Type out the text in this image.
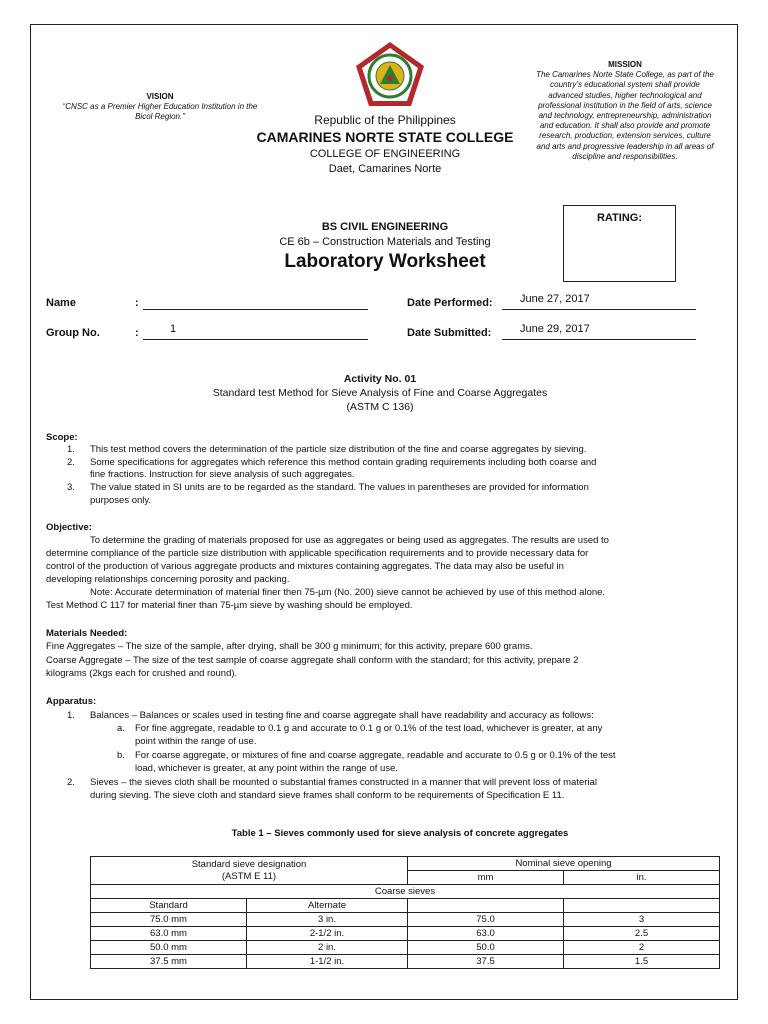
VISION
“CNSC as a Premier Higher Education Institution in the Bicol Region.”
MISSION
The Camarines Norte State College, as part of the country’s educational system shall provide advanced studies, higher technological and professional institution in the field of arts, science and technology, entrepreneurship, administration and education. It shall also provide and promote research, production, extension services, culture and arts and progressive leadership in all areas of discipline and responsibilities.
Republic of the Philippines
CAMARINES NORTE STATE COLLEGE
COLLEGE OF ENGINEERING
Daet, Camarines Norte
RATING:
BS CIVIL ENGINEERING
CE 6b – Construction Materials and Testing
Laboratory Worksheet
Name	:
Group No.	:	1
Date Performed: June 27, 2017
Date Submitted:	June 29, 2017
Activity No. 01
Standard test Method for Sieve Analysis of Fine and Coarse Aggregates
(ASTM C 136)
Scope:
1. This test method covers the determination of the particle size distribution of the fine and coarse aggregates by sieving.
2. Some specifications for aggregates which reference this method contain grading requirements including both coarse and
fine fractions. Instruction for sieve analysis of such aggregates.
3. The value stated in SI units are to be regarded as the standard. The values in parentheses are provided for information
purposes only.
Objective:
To determine the grading of materials proposed for use as aggregates or being used as aggregates. The results are used to
determine compliance of the particle size distribution with applicable specification requirements and to provide necessary data for
control of the production of various aggregate products and mixtures containing aggregates. The data may also be useful in
developing relationships concerning porosity and packing.
Note: Accurate determination of material finer then 75-µm (No. 200) sieve cannot be achieved by use of this method alone.
Test Method C 117 for material finer than 75-µm sieve by washing should be employed.
Materials Needed:
Fine Aggregates – The size of the sample, after drying, shall be 300 g minimum; for this activity, prepare 600 grams.
Coarse Aggregate – The size of the test sample of coarse aggregate shall conform with the standard; for this activity, prepare 2
kilograms (2kgs each for crushed and round).
Apparatus:
1. Balances – Balances or scales used in testing fine and coarse aggregate shall have readability and accuracy as follows:
a. For fine aggregate, readable to 0.1 g and accurate to 0.1 g or 0.1% of the test load, whichever is greater, at any
point within the range of use.
b. For coarse aggregate, or mixtures of fine and coarse aggregate, readable and accurate to 0.5 g or 0.1% of the test
load, whichever is greater, at any point within the range of use.
2. Sieves – the sieves cloth shall be mounted o substantial frames constructed in a manner that will prevent loss of material
during sieving. The sieve cloth and standard sieve frames shall conform to be requirements of Specification E 11.
Table 1 – Sieves commonly used for sieve analysis of concrete aggregates
Standard sieve designation
(ASTM E 11)		Nominal sieve opening	
		mm	in.
Coarse sieves			
Standard	Alternate		
75.0 mm	3 in.	75.0	3
63.0 mm	2-1/2 in.	63.0	2.5
50.0 mm	2 in.	50.0	2
37.5 mm	1-1/2 in.	37.5	1.5
